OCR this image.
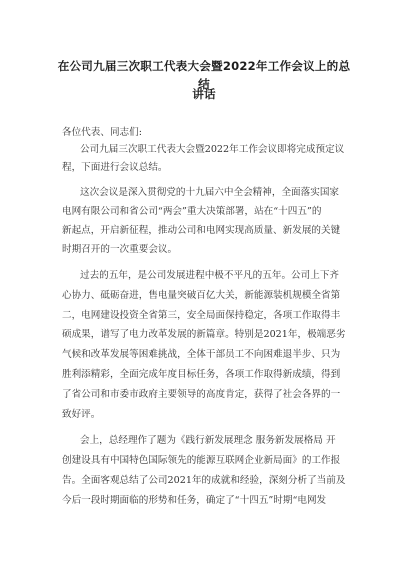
在公司九届三次职工代表大会暨2022年工作会议上的总结
讲话
各位代表、同志们:
公司九届三次职工代表大会暨2022年工作会议即将完成预定议
程，下面进行会议总结。
这次会议是深入贯彻党的十九届六中全会精神，全面落实国家
电网有限公司和省公司“两会”重大决策部署，站在“十四五”的
新起点，开启新征程，推动公司和电网实现高质量、新发展的关键
时期召开的一次重要会议。
过去的五年，是公司发展进程中极不平凡的五年。公司上下齐
心协力、砥砺奋进，售电量突破百亿大关，新能源装机规模全省第
二，电网建设投资全省第三，安全局面保持稳定，各项工作取得丰
硕成果，谱写了电力改革发展的新篇章。特别是2021年，极端恶劣
气候和改革发展等困难挑战，全体干部员工不向困难退半步、只为
胜利添精彩，全面完成年度目标任务，各项工作取得新成绩，得到
了省公司和市委市政府主要领导的高度肯定，获得了社会各界的一
致好评。
会上，总经理作了题为《践行新发展理念 服务新发展格局 开
创建设具有中国特色国际领先的能源互联网企业新局面》的工作报
告。全面客观总结了公司2021年的成就和经验，深刻分析了当前及
今后一段时期面临的形势和任务，确定了“十四五”时期“电网发
